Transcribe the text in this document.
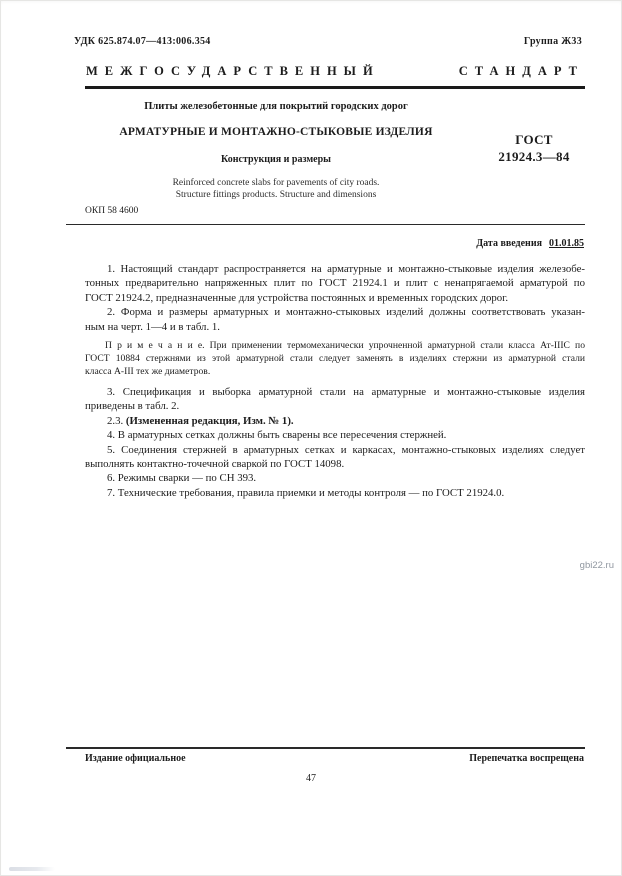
УДК 625.874.07—413:006.354	Группа Ж33
МЕЖГОСУДАРСТВЕННЫЙ	СТАНДАРТ
Плиты железобетонные для покрытий городских дорог
АРМАТУРНЫЕ И МОНТАЖНО-СТЫКОВЫЕ ИЗДЕЛИЯ
Конструкция и размеры
Reinforced concrete slabs for pavements of city roads.
Structure fittings products. Structure and dimensions
ГОСТ
21924.3—84
ОКП 58 4600
Дата введения 01.01.85
1. Настоящий стандарт распространяется на арматурные и монтажно-стыковые изделия железобе-
тонных предварительно напряженных плит по ГОСТ 21924.1 и плит с ненапрягаемой арматурой по
ГОСТ 21924.2, предназначенные для устройства постоянных и временных городских дорог.
2. Форма и размеры арматурных и монтажно-стыковых изделий должны соответствовать указан-
ным на черт. 1—4 и в табл. 1.
П р и м е ч а н и е. При применении термомеханически упрочненной арматурной стали класса Ат-IIIС по
ГОСТ 10884 стержнями из этой арматурной стали следует заменять в изделиях стержни из арматурной стали
класса А-III тех же диаметров.
3. Спецификация и выборка арматурной стали на арматурные и монтажно-стыковые изделия
приведены в табл. 2.
2.3. (Измененная редакция, Изм. № 1).
4. В арматурных сетках должны быть сварены все пересечения стержней.
5. Соединения стержней в арматурных сетках и каркасах, монтажно-стыковых изделиях следует
выполнять контактно-точечной сваркой по ГОСТ 14098.
6. Режимы сварки — по СН 393.
7. Технические требования, правила приемки и методы контроля — по ГОСТ 21924.0.
gbi22.ru
Издание официальное	Перепечатка воспрещена
47
